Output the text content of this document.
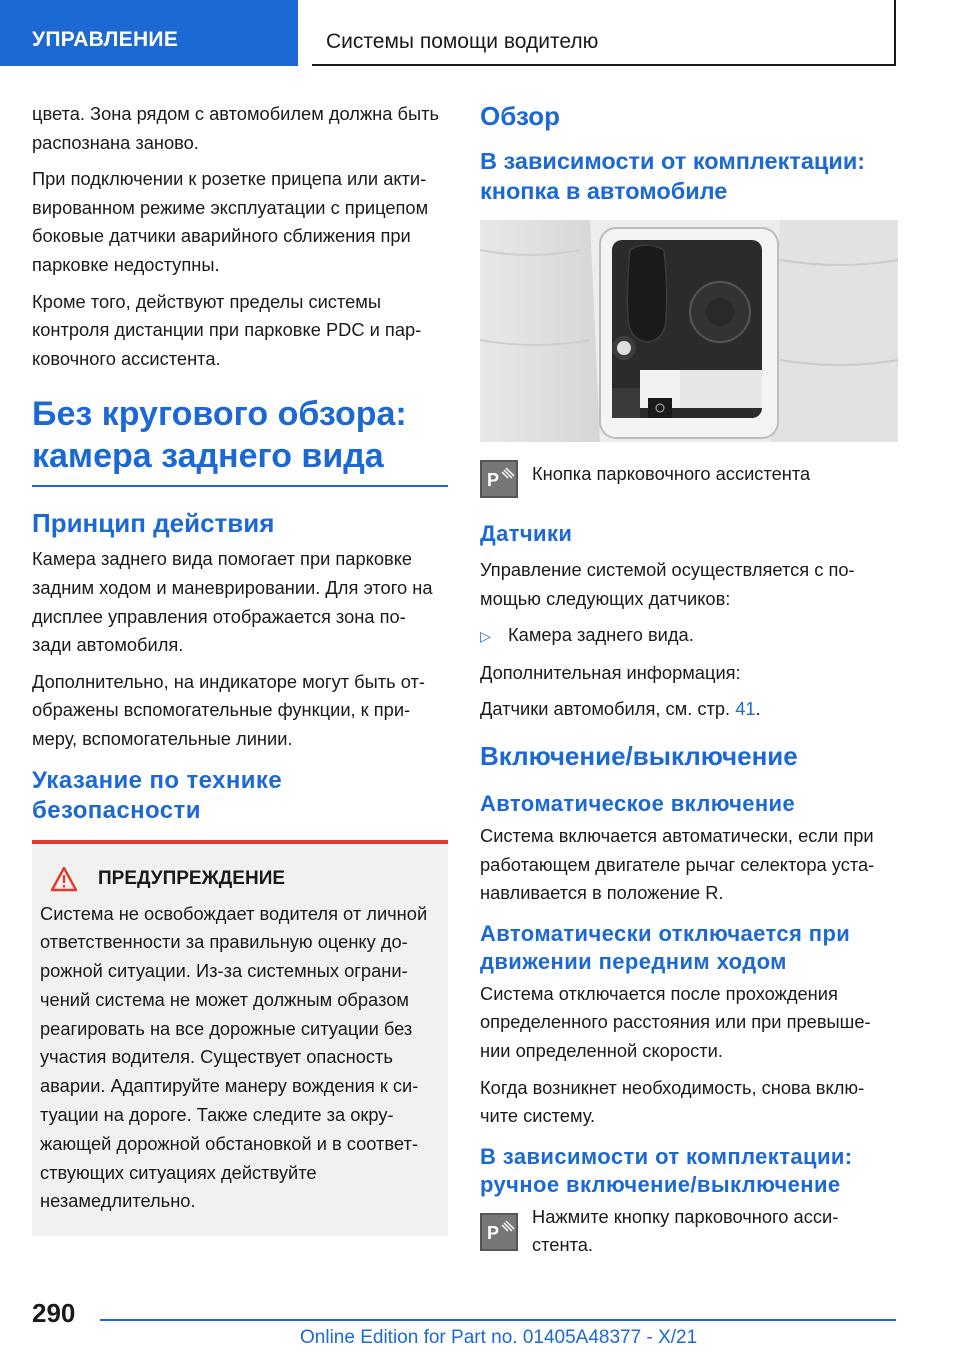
УПРАВЛЕНИЕ	Системы помощи водителю

цвета. Зона рядом с автомобилем должна быть распознана заново.

При подключении к розетке прицепа или акти- вированном режиме эксплуатации с прицепом боковые датчики аварийного сближения при парковке недоступны.

Кроме того, действуют пределы системы контроля дистанции при парковке PDC и пар- ковочного ассистента.

Без кругового обзора: камера заднего вида
Принцип действия

Камера заднего вида помогает при парковке задним ходом и маневрировании. Для этого на дисплее управления отображается зона по- зади автомобиля.

Дополнительно, на индикаторе могут быть от- ображены вспомогательные функции, к при- меру, вспомогательные линии.

Указание по технике безопасности
ПРЕДУПРЕЖДЕНИЕ
Система не освобождает водителя от личной ответственности за правильную оценку до- рожной ситуации. Из-за системных ограни- чений система не может должным образом реагировать на все дорожные ситуации без участия водителя. Существует опасность аварии. Адаптируйте манеру вождения к си- туации на дороге. Также следите за окру- жающей дорожной обстановкой и в соответ- ствующих ситуациях действуйте незамедлительно.
Обзор
В зависимости от комплектации: кнопка в автомобиле
P Кнопка парковочного ассистента

Датчики

Управление системой осуществляется с по- мощью следующих датчиков:

▷ Камера заднего вида.

Дополнительная информация:

Датчики автомобиля, см. стр. 41.

Включение/выключение
Автоматическое включение

Система включается автоматически, если при работающем двигателе рычаг селектора уста- навливается в положение R.

Автоматически отключается при движении передним ходом

Система отключается после прохождения определенного расстояния или при превыше- нии определенной скорости.

Когда возникнет необходимость, снова вклю- чите систему.

В зависимости от комплектации: ручное включение/выключение
P

Нажмите кнопку парковочного асси- стента.

290
Online Edition for Part no. 01405A48377 - X/21
